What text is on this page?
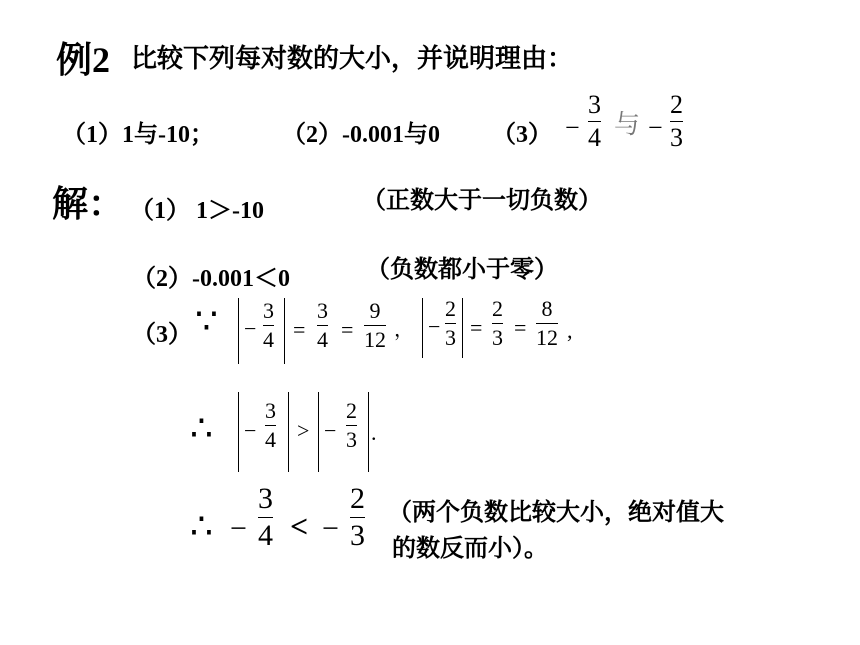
例2 比较下列每对数的大小，并说明理由：
（1）1与-10；	（2）-0.001与0 （3） −
3
4 与 −
2
3
解： （1） 1＞-10	（正数大于一切负数）
（2）-0.001＜0	（负数都小于零）
（3） ∵ −
3
4 =
3
4 =
9
12 ， −
2
3 =
2
3 =
8
12 ,
∴ −
3
4 > −
2
3 .
∴ −
3
4 < −
2
3
（两个负数比较大小，绝对值大
的数反而小）。
